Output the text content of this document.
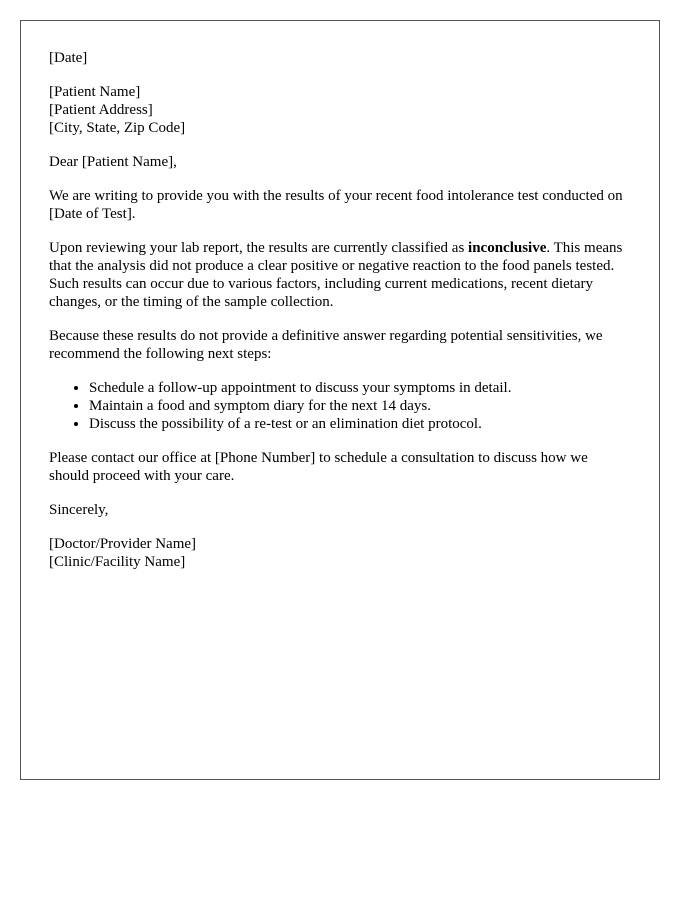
[Date]

[Patient Name]
[Patient Address]
[City, State, Zip Code]

Dear [Patient Name],

We are writing to provide you with the results of your recent food intolerance test conducted on [Date of Test].

Upon reviewing your lab report, the results are currently classified as inconclusive. This means that the analysis did not produce a clear positive or negative reaction to the food panels tested. Such results can occur due to various factors, including current medications, recent dietary changes, or the timing of the sample collection.

Because these results do not provide a definitive answer regarding potential sensitivities, we recommend the following next steps:

• Schedule a follow-up appointment to discuss your symptoms in detail.
• Maintain a food and symptom diary for the next 14 days.
• Discuss the possibility of a re-test or an elimination diet protocol.

Please contact our office at [Phone Number] to schedule a consultation to discuss how we should proceed with your care.

Sincerely,

[Doctor/Provider Name]
[Clinic/Facility Name]
